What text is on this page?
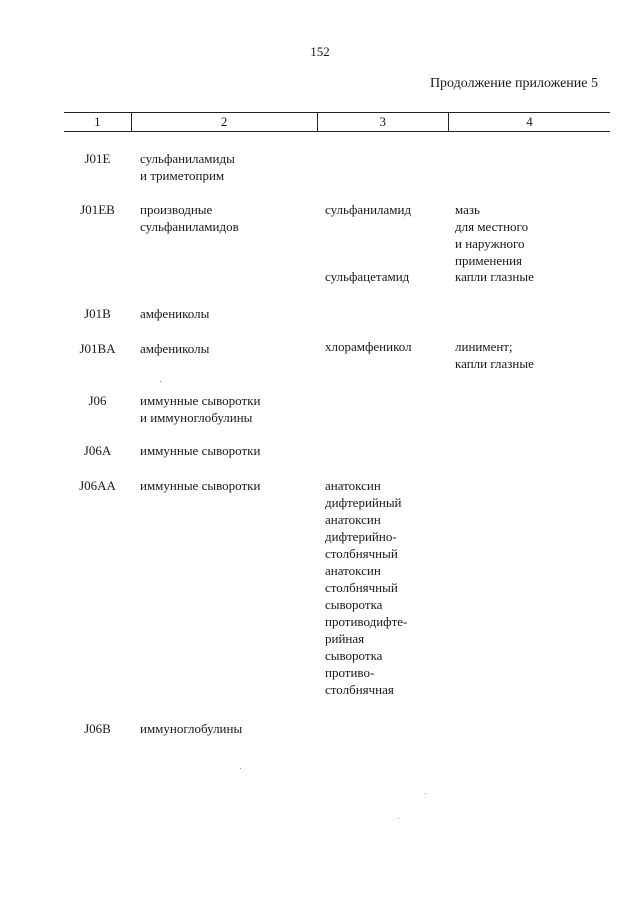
152
Продолжение приложение 5
1	2	3	4
J01E	сульфаниламиды
и триметоприм
J01EB	производные
сульфаниламидов
сульфаниламид	мазь
для местного
и наружного
применения
сульфацетамид	капли глазные
J01B	амфениколы
J01BA	амфениколы	хлорамфеникол	линимент;
капли глазные
J06	иммунные сыворотки
и иммуноглобулины
J06A	иммунные сыворотки
J06AA	иммунные сыворотки	анатоксин
дифтерийный
анатоксин
дифтерийно-
столбнячный
анатоксин
столбнячный
сыворотка
противодифте-
рийная
сыворотка
противо-
столбнячная
J06B	иммуноглобулины
